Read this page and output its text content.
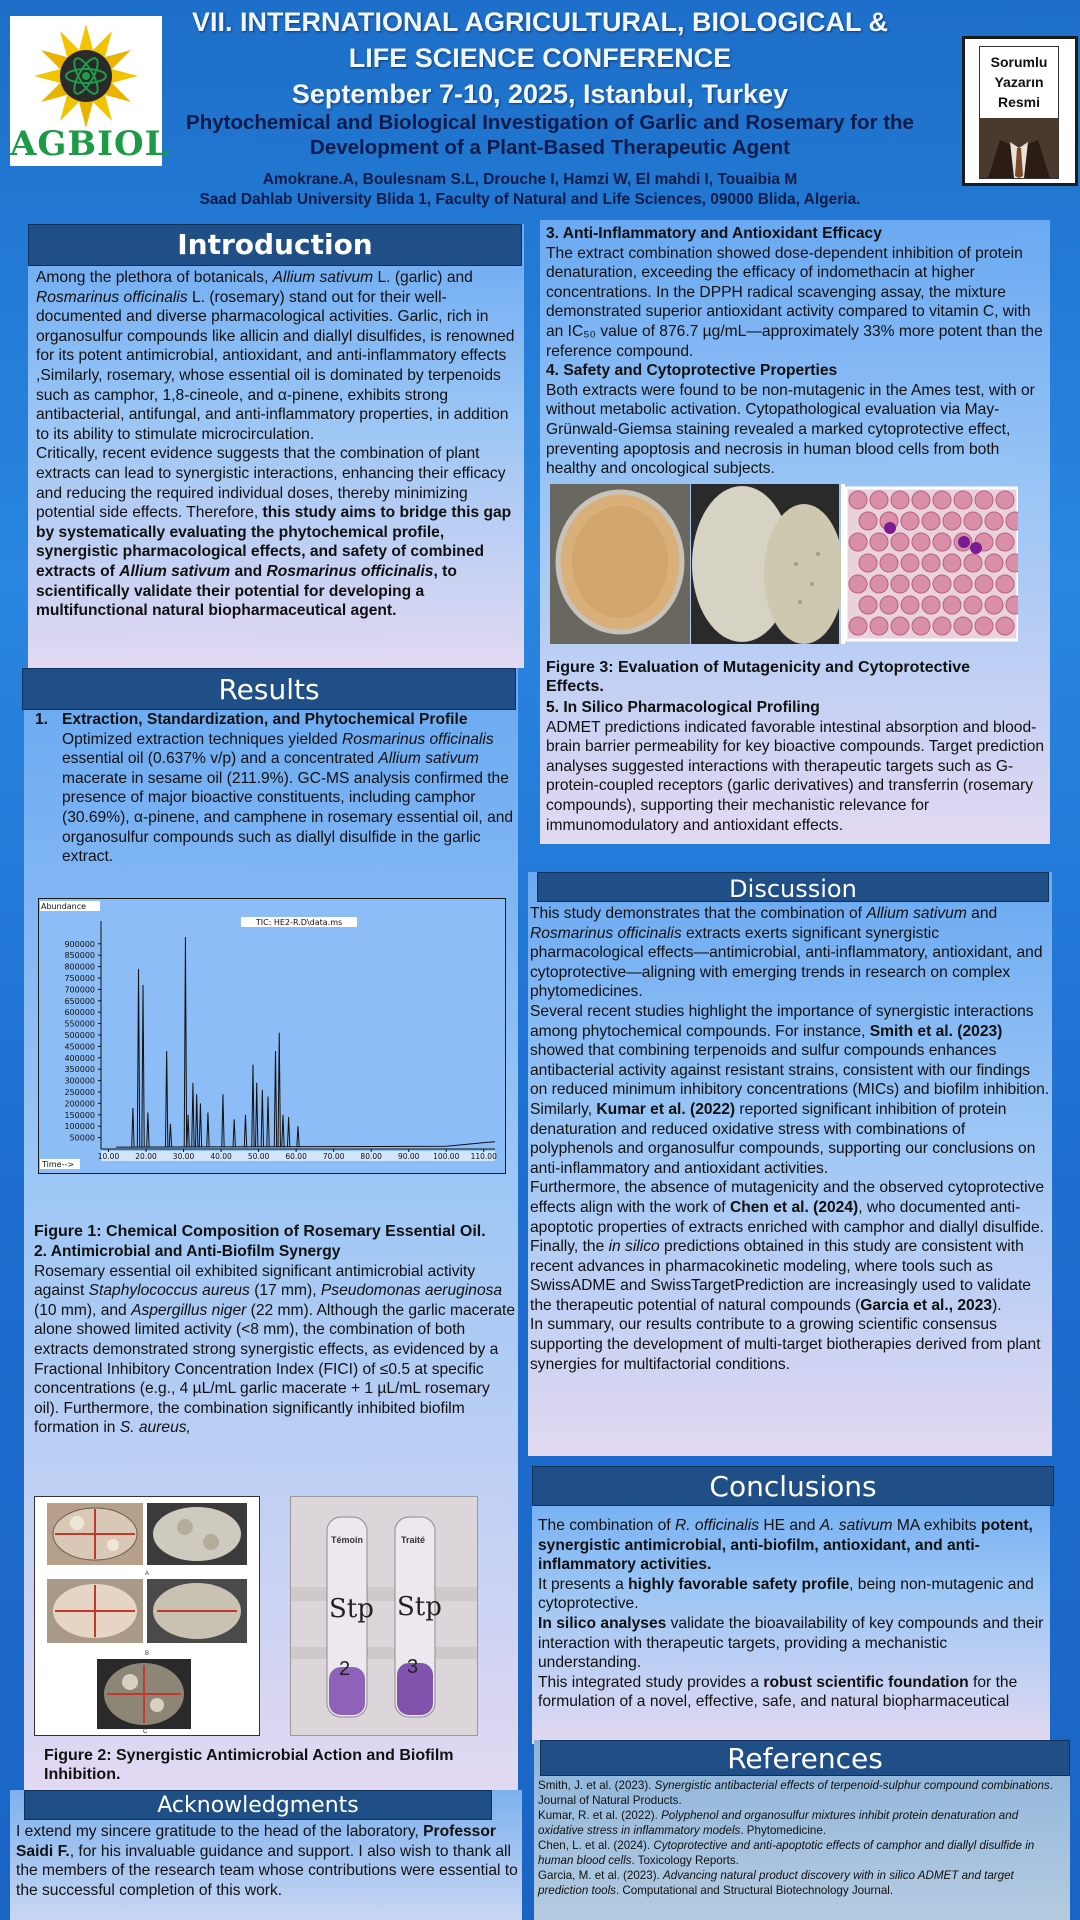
AGBIOL
VII. INTERNATIONAL AGRICULTURAL, BIOLOGICAL &
LIFE SCIENCE CONFERENCE
September 7-10, 2025, Istanbul, Turkey
Sorumlu
Yazarın
Resmi
Phytochemical and Biological Investigation of Garlic and Rosemary for the
Development of a Plant-Based Therapeutic Agent
Amokrane.A, Boulesnam S.L, Drouche I, Hamzi W, El mahdi I, Touaibia M
Saad Dahlab University Blida 1, Faculty of Natural and Life Sciences, 09000 Blida, Algeria.
Introduction

Among the plethora of botanicals, Allium sativum L. (garlic) and Rosmarinus officinalis L. (rosemary) stand out for their well-documented and diverse pharmacological activities. Garlic, rich in organosulfur compounds like allicin and diallyl disulfides, is renowned for its potent antimicrobial, antioxidant, and anti-inflammatory effects ,Similarly, rosemary, whose essential oil is dominated by terpenoids such as camphor, 1,8-cineole, and α-pinene, exhibits strong antibacterial, antifungal, and anti-inflammatory properties, in addition to its ability to stimulate microcirculation.

Critically, recent evidence suggests that the combination of plant extracts can lead to synergistic interactions, enhancing their efficacy and reducing the required individual doses, thereby minimizing potential side effects. Therefore, this study aims to bridge this gap by systematically evaluating the phytochemical profile, synergistic pharmacological effects, and safety of combined extracts of Allium sativum and Rosmarinus officinalis, to scientifically validate their potential for developing a multifunctional natural biopharmaceutical agent.

Results
1. Extraction, Standardization, and Phytochemical Profile

Optimized extraction techniques yielded Rosmarinus officinalis essential oil (0.637% v/p) and a concentrated Allium sativum macerate in sesame oil (211.9%). GC-MS analysis confirmed the presence of major bioactive constituents, including camphor (30.69%), α-pinene, and camphene in rosemary essential oil, and organosulfur compounds such as diallyl disulfide in the garlic extract.

Abundance
TIC: HE2-R.D\data.ms
900000
850000
800000
750000
700000
650000
600000
550000
500000
450000
400000
350000
300000
250000
200000
150000
100000
50000
10.00 20.00 30.00 40.00 50.00 60.00 70.00 80.00 90.00 100.00 110.00
Time-->
Figure 1: Chemical Composition of Rosemary Essential Oil.
2. Antimicrobial and Anti-Biofilm Synergy

Rosemary essential oil exhibited significant antimicrobial activity against Staphylococcus aureus (17 mm), Pseudomonas aeruginosa (10 mm), and Aspergillus niger (22 mm). Although the garlic macerate alone showed limited activity (<8 mm), the combination of both extracts demonstrated strong synergistic effects, as evidenced by a Fractional Inhibitory Concentration Index (FICI) of ≤0.5 at specific concentrations (e.g., 4 µL/mL garlic macerate + 1 µL/mL rosemary oil). Furthermore, the combination significantly inhibited biofilm formation in S. aureus,

A
B
C
Témoin	Traité
Stp Stp
2	3
Figure 2: Synergistic Antimicrobial Action and Biofilm
Inhibition.
Acknowledgments

I extend my sincere gratitude to the head of the laboratory, Professor Saidi F., for his invaluable guidance and support. I also wish to thank all the members of the research team whose contributions were essential to the successful completion of this work.

3. Anti-Inflammatory and Antioxidant Efficacy

The extract combination showed dose-dependent inhibition of protein denaturation, exceeding the efficacy of indomethacin at higher concentrations. In the DPPH radical scavenging assay, the mixture demonstrated superior antioxidant activity compared to vitamin C, with an IC₅₀ value of 876.7 µg/mL—approximately 33% more potent than the reference compound.

4. Safety and Cytoprotective Properties

Both extracts were found to be non-mutagenic in the Ames test, with or without metabolic activation. Cytopathological evaluation via May-Grünwald-Giemsa staining revealed a marked cytoprotective effect, preventing apoptosis and necrosis in human blood cells from both healthy and oncological subjects.

Figure 3: Evaluation of Mutagenicity and Cytoprotective
Effects.
5. In Silico Pharmacological Profiling

ADMET predictions indicated favorable intestinal absorption and blood-brain barrier permeability for key bioactive compounds. Target prediction analyses suggested interactions with therapeutic targets such as G-protein-coupled receptors (garlic derivatives) and transferrin (rosemary compounds), supporting their mechanistic relevance for immunomodulatory and antioxidant effects.

Discussion

This study demonstrates that the combination of Allium sativum and Rosmarinus officinalis extracts exerts significant synergistic pharmacological effects—antimicrobial, anti-inflammatory, antioxidant, and cytoprotective—aligning with emerging trends in research on complex phytomedicines.

Several recent studies highlight the importance of synergistic interactions among phytochemical compounds. For instance, Smith et al. (2023) showed that combining terpenoids and sulfur compounds enhances antibacterial activity against resistant strains, consistent with our findings on reduced minimum inhibitory concentrations (MICs) and biofilm inhibition. Similarly, Kumar et al. (2022) reported significant inhibition of protein denaturation and reduced oxidative stress with combinations of polyphenols and organosulfur compounds, supporting our conclusions on anti-inflammatory and antioxidant activities.

Furthermore, the absence of mutagenicity and the observed cytoprotective effects align with the work of Chen et al. (2024), who documented anti-apoptotic properties of extracts enriched with camphor and diallyl disulfide. Finally, the in silico predictions obtained in this study are consistent with recent advances in pharmacokinetic modeling, where tools such as SwissADME and SwissTargetPrediction are increasingly used to validate the therapeutic potential of natural compounds (Garcia et al., 2023).

In summary, our results contribute to a growing scientific consensus supporting the development of multi-target biotherapies derived from plant synergies for multifactorial conditions.

Conclusions

The combination of R. officinalis HE and A. sativum MA exhibits potent, synergistic antimicrobial, anti-biofilm, antioxidant, and anti-inflammatory activities.

It presents a highly favorable safety profile, being non-mutagenic and cytoprotective.

In silico analyses validate the bioavailability of key compounds and their interaction with therapeutic targets, providing a mechanistic understanding.

This integrated study provides a robust scientific foundation for the formulation of a novel, effective, safe, and natural biopharmaceutical

References
Smith, J. et al. (2023). Synergistic antibacterial effects of terpenoid-sulphur compound combinations. Journal of Natural Products.
Kumar, R. et al. (2022). Polyphenol and organosulfur mixtures inhibit protein denaturation and oxidative stress in inflammatory models. Phytomedicine.
Chen, L. et al. (2024). Cytoprotective and anti-apoptotic effects of camphor and diallyl disulfide in human blood cells. Toxicology Reports.
Garcia, M. et al. (2023). Advancing natural product discovery with in silico ADMET and target prediction tools. Computational and Structural Biotechnology Journal.
